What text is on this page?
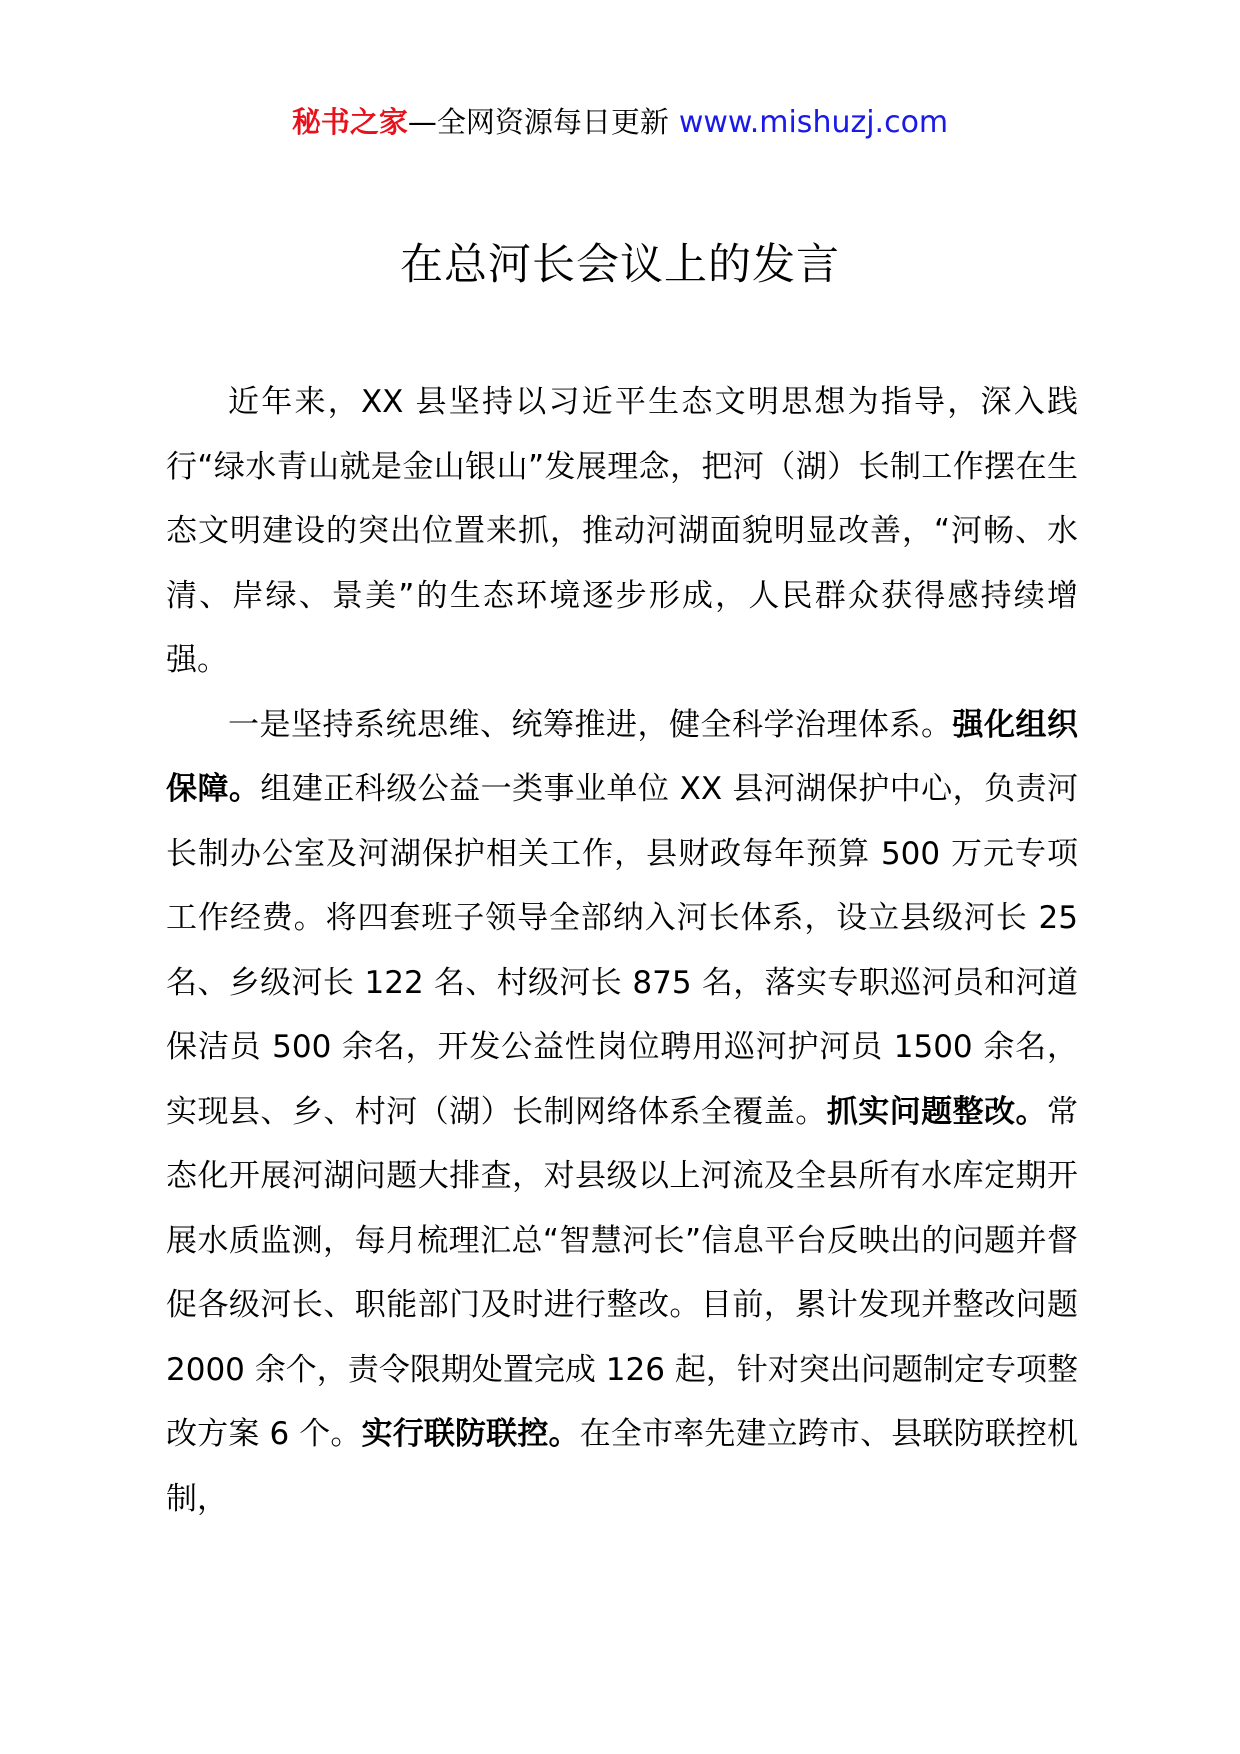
秘书之家—全网资源每日更新 www.mishuzj.com
在总河长会议上的发言

近年来，XX 县坚持以习近平生态文明思想为指导，深入践行“绿水青山就是金山银山”发展理念，把河（湖）长制工作摆在生态文明建设的突出位置来抓，推动河湖面貌明显改善，“河畅、水清、岸绿、景美”的生态环境逐步形成，人民群众获得感持续增强。

一是坚持系统思维、统筹推进，健全科学治理体系。强化组织保障。组建正科级公益一类事业单位 XX 县河湖保护中心，负责河长制办公室及河湖保护相关工作，县财政每年预算 500 万元专项工作经费。将四套班子领导全部纳入河长体系，设立县级河长 25 名、乡级河长 122 名、村级河长 875 名，落实专职巡河员和河道保洁员 500 余名，开发公益性岗位聘用巡河护河员 1500 余名，实现县、乡、村河（湖）长制网络体系全覆盖。抓实问题整改。常态化开展河湖问题大排查，对县级以上河流及全县所有水库定期开展水质监测，每月梳理汇总“智慧河长”信息平台反映出的问题并督促各级河长、职能部门及时进行整改。目前，累计发现并整改问题 2000 余个，责令限期处置完成 126 起，针对突出问题制定专项整改方案 6 个。实行联防联控。在全市率先建立跨市、县联防联控机制，
